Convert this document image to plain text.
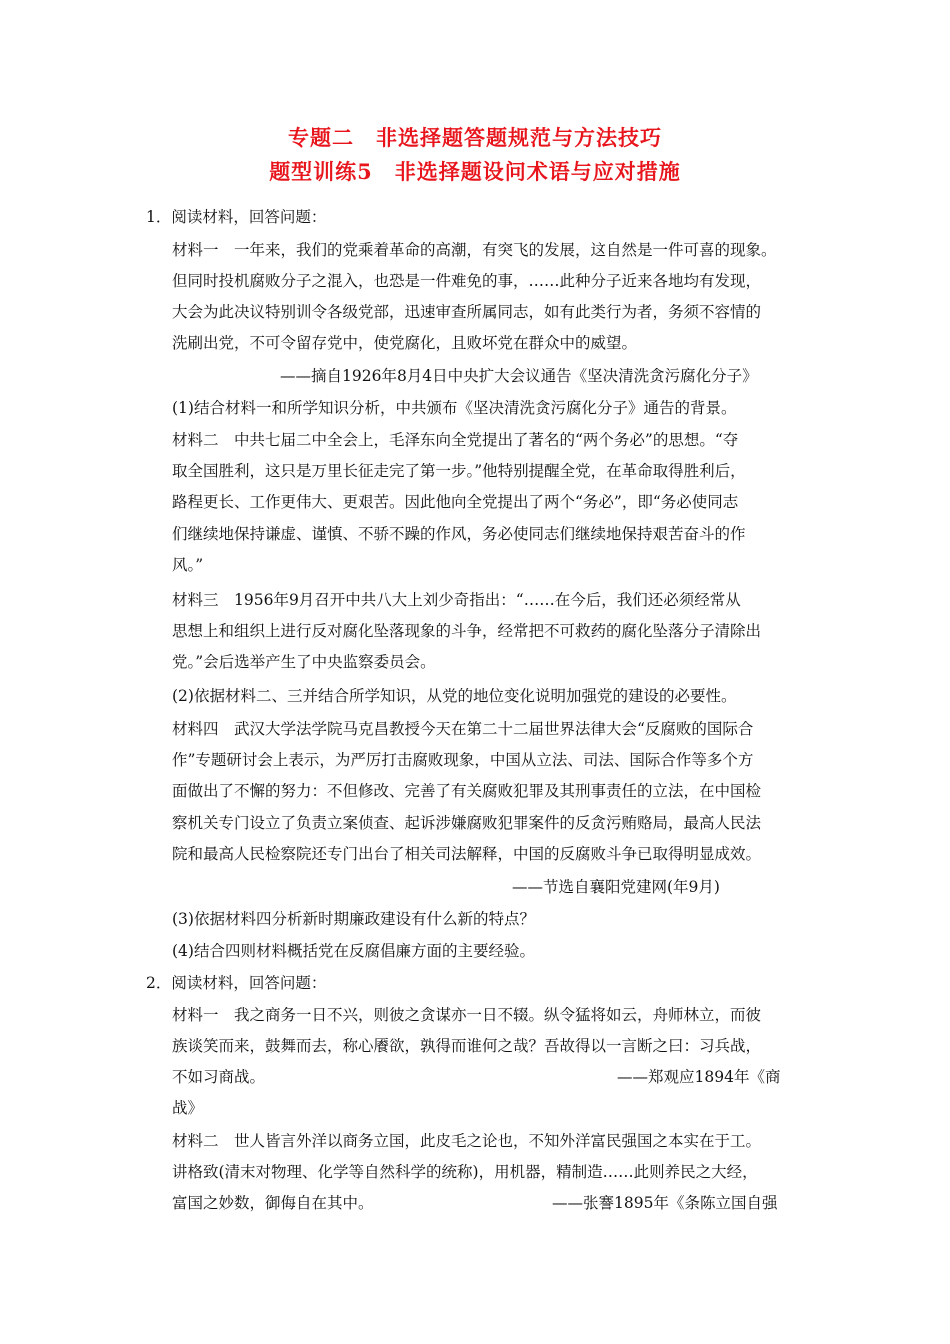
专题二　非选择题答题规范与方法技巧
题型训练5　非选择题设问术语与应对措施
1．阅读材料，回答问题：
材料一　一年来，我们的党乘着革命的高潮，有突飞的发展，这自然是一件可喜的现象。
但同时投机腐败分子之混入，也恐是一件难免的事，……此种分子近来各地均有发现，
大会为此决议特别训令各级党部，迅速审查所属同志，如有此类行为者，务须不容情的
洗刷出党，不可令留存党中，使党腐化，且败坏党在群众中的威望。
——摘自1926年8月4日中央扩大会议通告《坚决清洗贪污腐化分子》
(1)结合材料一和所学知识分析，中共颁布《坚决清洗贪污腐化分子》通告的背景。
材料二　中共七届二中全会上，毛泽东向全党提出了著名的“两个务必”的思想。“夺
取全国胜利，这只是万里长征走完了第一步。”他特别提醒全党，在革命取得胜利后，
路程更长、工作更伟大、更艰苦。因此他向全党提出了两个“务必”，即“务必使同志
们继续地保持谦虚、谨慎、不骄不躁的作风，务必使同志们继续地保持艰苦奋斗的作
风。”
材料三　1956年9月召开中共八大上刘少奇指出：“……在今后，我们还必须经常从
思想上和组织上进行反对腐化坠落现象的斗争，经常把不可救药的腐化坠落分子清除出
党。”会后选举产生了中央监察委员会。
(2)依据材料二、三并结合所学知识，从党的地位变化说明加强党的建设的必要性。
材料四　武汉大学法学院马克昌教授今天在第二十二届世界法律大会“反腐败的国际合
作”专题研讨会上表示，为严厉打击腐败现象，中国从立法、司法、国际合作等多个方
面做出了不懈的努力：不但修改、完善了有关腐败犯罪及其刑事责任的立法，在中国检
察机关专门设立了负责立案侦查、起诉涉嫌腐败犯罪案件的反贪污贿赂局，最高人民法
院和最高人民检察院还专门出台了相关司法解释，中国的反腐败斗争已取得明显成效。
——节选自襄阳党建网(年9月)
(3)依据材料四分析新时期廉政建设有什么新的特点？
(4)结合四则材料概括党在反腐倡廉方面的主要经验。
2．阅读材料，回答问题：
材料一　我之商务一日不兴，则彼之贪谋亦一日不辍。纵令猛将如云，舟师林立，而彼
族谈笑而来，鼓舞而去，称心餍欲，孰得而谁何之哉？吾故得以一言断之曰：习兵战，
不如习商战。	——郑观应1894年《商
战》
材料二　世人皆言外洋以商务立国，此皮毛之论也，不知外洋富民强国之本实在于工。
讲格致(清末对物理、化学等自然科学的统称)，用机器，精制造……此则养民之大经，
富国之妙数，御侮自在其中。	——张謇1895年《条陈立国自强
